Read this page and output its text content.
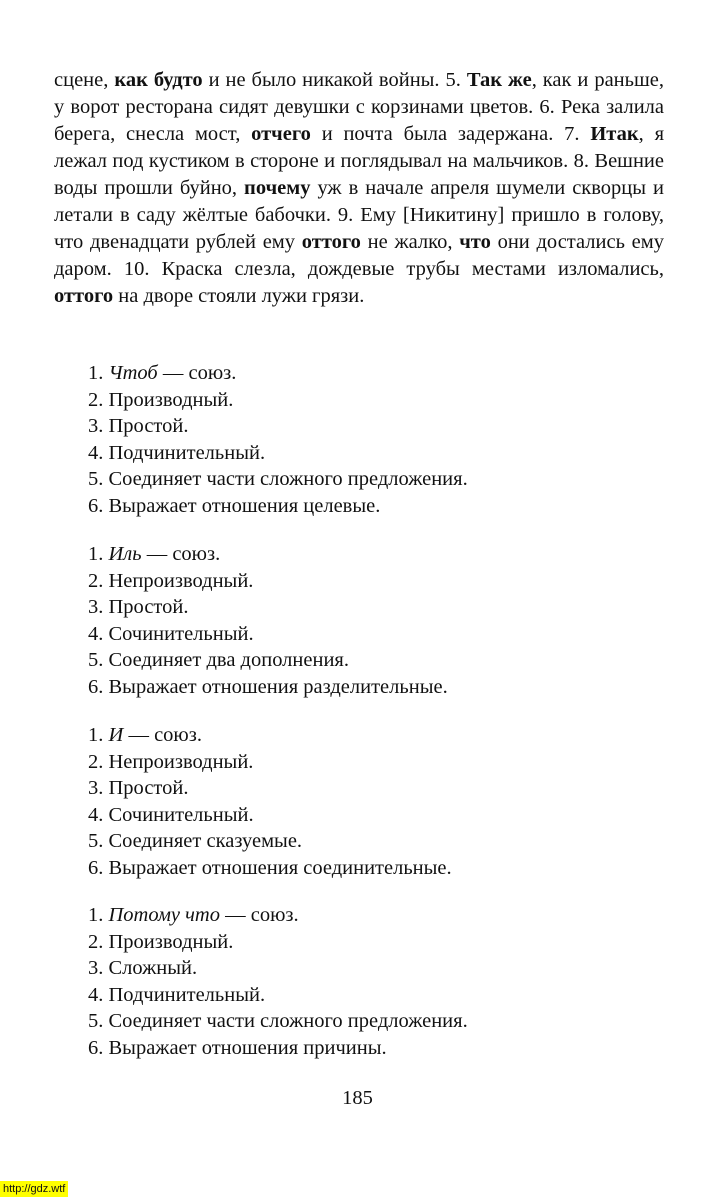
сцене, как будто и не было никакой войны. 5. Так же, как и раньше, у ворот ресторана сидят девушки с корзинами цветов. 6. Река залила берега, снесла мост, отчего и почта была задержана. 7. Итак, я лежал под кустиком в стороне и поглядывал на мальчиков. 8. Вешние воды прошли буйно, почему уж в начале апреля шумели скворцы и летали в саду жёлтые бабочки. 9. Ему [Никитину] пришло в голову, что двенадцати рублей ему оттого не жалко, что они достались ему даром. 10. Краска слезла, дождевые трубы местами изломались, оттого на дворе стояли лужи грязи.

1. Чтоб — союз.
2. Производный.
3. Простой.
4. Подчинительный.
5. Соединяет части сложного предложения.
6. Выражает отношения целевые.
1. Иль — союз.
2. Непроизводный.
3. Простой.
4. Сочинительный.
5. Соединяет два дополнения.
6. Выражает отношения разделительные.
1. И — союз.
2. Непроизводный.
3. Простой.
4. Сочинительный.
5. Соединяет сказуемые.
6. Выражает отношения соединительные.
1. Потому что — союз.
2. Производный.
3. Сложный.
4. Подчинительный.
5. Соединяет части сложного предложения.
6. Выражает отношения причины.
185
http://gdz.wtf
